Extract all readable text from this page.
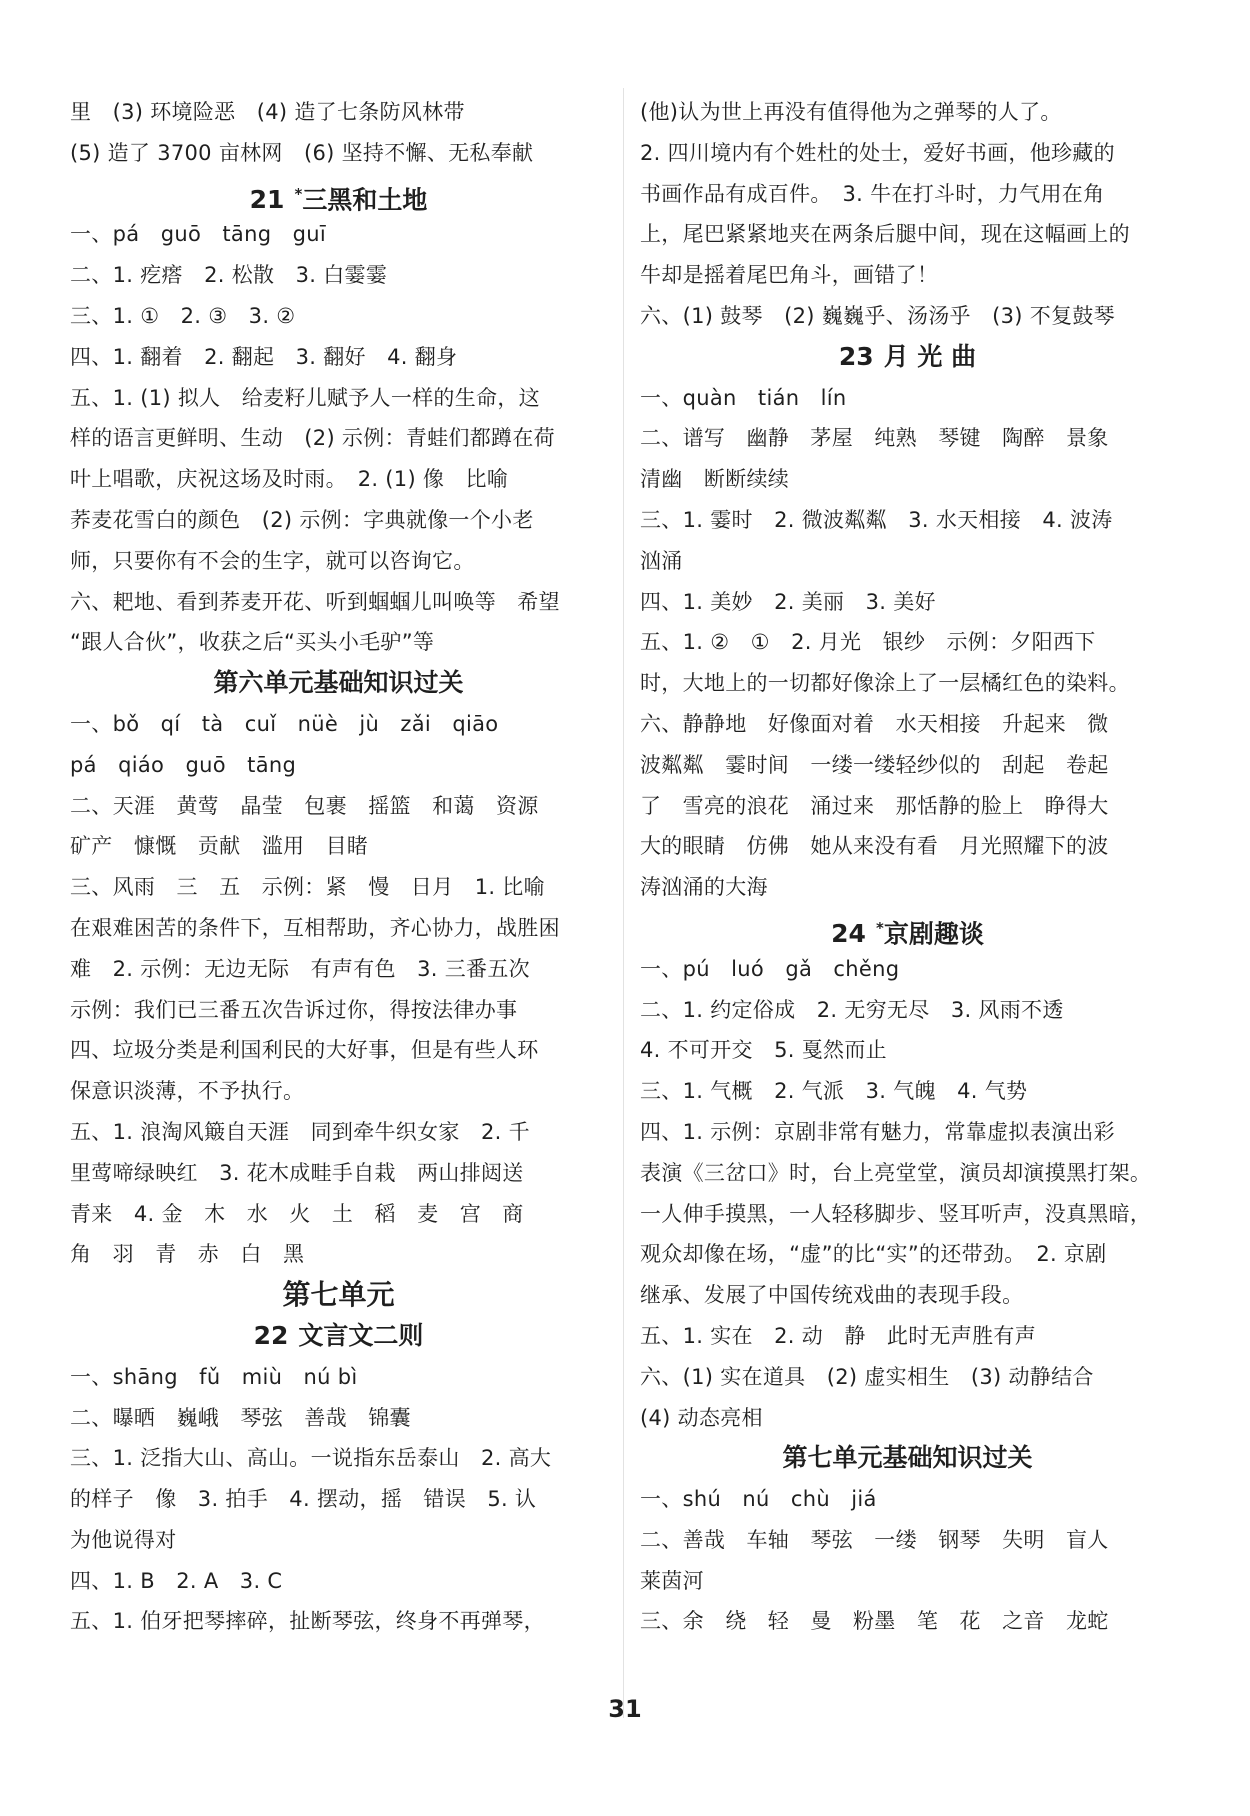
里　(3) 环境险恶　(4) 造了七条防风林带
(5) 造了 3700 亩林网　(6) 坚持不懈、无私奉献
21 *三黑和土地
一、pá　guō　tāng　guī
二、1. 疙瘩　2. 松散　3. 白霎霎
三、1. ①　2. ③　3. ②
四、1. 翻着　2. 翻起　3. 翻好　4. 翻身
五、1. (1) 拟人　给麦籽儿赋予人一样的生命，这
样的语言更鲜明、生动　(2) 示例：青蛙们都蹲在荷
叶上唱歌，庆祝这场及时雨。　2. (1) 像　比喻
荞麦花雪白的颜色　(2) 示例：字典就像一个小老
师，只要你有不会的生字，就可以咨询它。
六、耙地、看到荞麦开花、听到蝈蝈儿叫唤等　希望
“跟人合伙”，收获之后“买头小毛驴”等
第六单元基础知识过关
一、bǒ　qí　tà　cuǐ　nüè　jù　zǎi　qiāo
pá　qiáo　guō　tāng
二、天涯　黄莺　晶莹　包裹　摇篮　和蔼　资源
矿产　慷慨　贡献　滥用　目睹
三、风雨　三　五　示例：紧　慢　日月　1. 比喻
在艰难困苦的条件下，互相帮助，齐心协力，战胜困
难　2. 示例：无边无际　有声有色　3. 三番五次
示例：我们已三番五次告诉过你，得按法律办事
四、垃圾分类是利国利民的大好事，但是有些人环
保意识淡薄，不予执行。
五、1. 浪淘风簸自天涯　同到牵牛织女家　2. 千
里莺啼绿映红　3. 花木成畦手自栽　两山排闼送
青来　4. 金　木　水　火　土　稻　麦　宫　商
角　羽　青　赤　白　黑
第七单元
22 文言文二则
一、shāng　fǔ　miù　nú bì
二、曝晒　巍峨　琴弦　善哉　锦囊
三、1. 泛指大山、高山。一说指东岳泰山　2. 高大
的样子　像　3. 拍手　4. 摆动，摇　错误　5. 认
为他说得对
四、1. B　2. A　3. C
五、1. 伯牙把琴摔碎，扯断琴弦，终身不再弹琴，
(他)认为世上再没有值得他为之弹琴的人了。
2. 四川境内有个姓杜的处士，爱好书画，他珍藏的
书画作品有成百件。　3. 牛在打斗时，力气用在角
上，尾巴紧紧地夹在两条后腿中间，现在这幅画上的
牛却是摇着尾巴角斗，画错了！
六、(1) 鼓琴　(2) 巍巍乎、汤汤乎　(3) 不复鼓琴
23 月 光 曲
一、quàn　tián　lín
二、谱写　幽静　茅屋　纯熟　琴键　陶醉　景象
清幽　断断续续
三、1. 霎时　2. 微波粼粼　3. 水天相接　4. 波涛
汹涌
四、1. 美妙　2. 美丽　3. 美好
五、1. ②　①　2. 月光　银纱　示例：夕阳西下
时，大地上的一切都好像涂上了一层橘红色的染料。
六、静静地　好像面对着　水天相接　升起来　微
波粼粼　霎时间　一缕一缕轻纱似的　刮起　卷起
了　雪亮的浪花　涌过来　那恬静的脸上　睁得大
大的眼睛　仿佛　她从来没有看　月光照耀下的波
涛汹涌的大海
24 *京剧趣谈
一、pú　luó　gǎ　chěng
二、1. 约定俗成　2. 无穷无尽　3. 风雨不透
4. 不可开交　5. 戛然而止
三、1. 气概　2. 气派　3. 气魄　4. 气势
四、1. 示例：京剧非常有魅力，常靠虚拟表演出彩
表演《三岔口》时，台上亮堂堂，演员却演摸黑打架。
一人伸手摸黑，一人轻移脚步、竖耳听声，没真黑暗，
观众却像在场，“虚”的比“实”的还带劲。　2. 京剧
继承、发展了中国传统戏曲的表现手段。
五、1. 实在　2. 动　静　此时无声胜有声
六、(1) 实在道具　(2) 虚实相生　(3) 动静结合
(4) 动态亮相
第七单元基础知识过关
一、shú　nú　chù　jiá
二、善哉　车轴　琴弦　一缕　钢琴　失明　盲人
莱茵河
三、余　绕　轻　曼　粉墨　笔　花　之音　龙蛇
31
